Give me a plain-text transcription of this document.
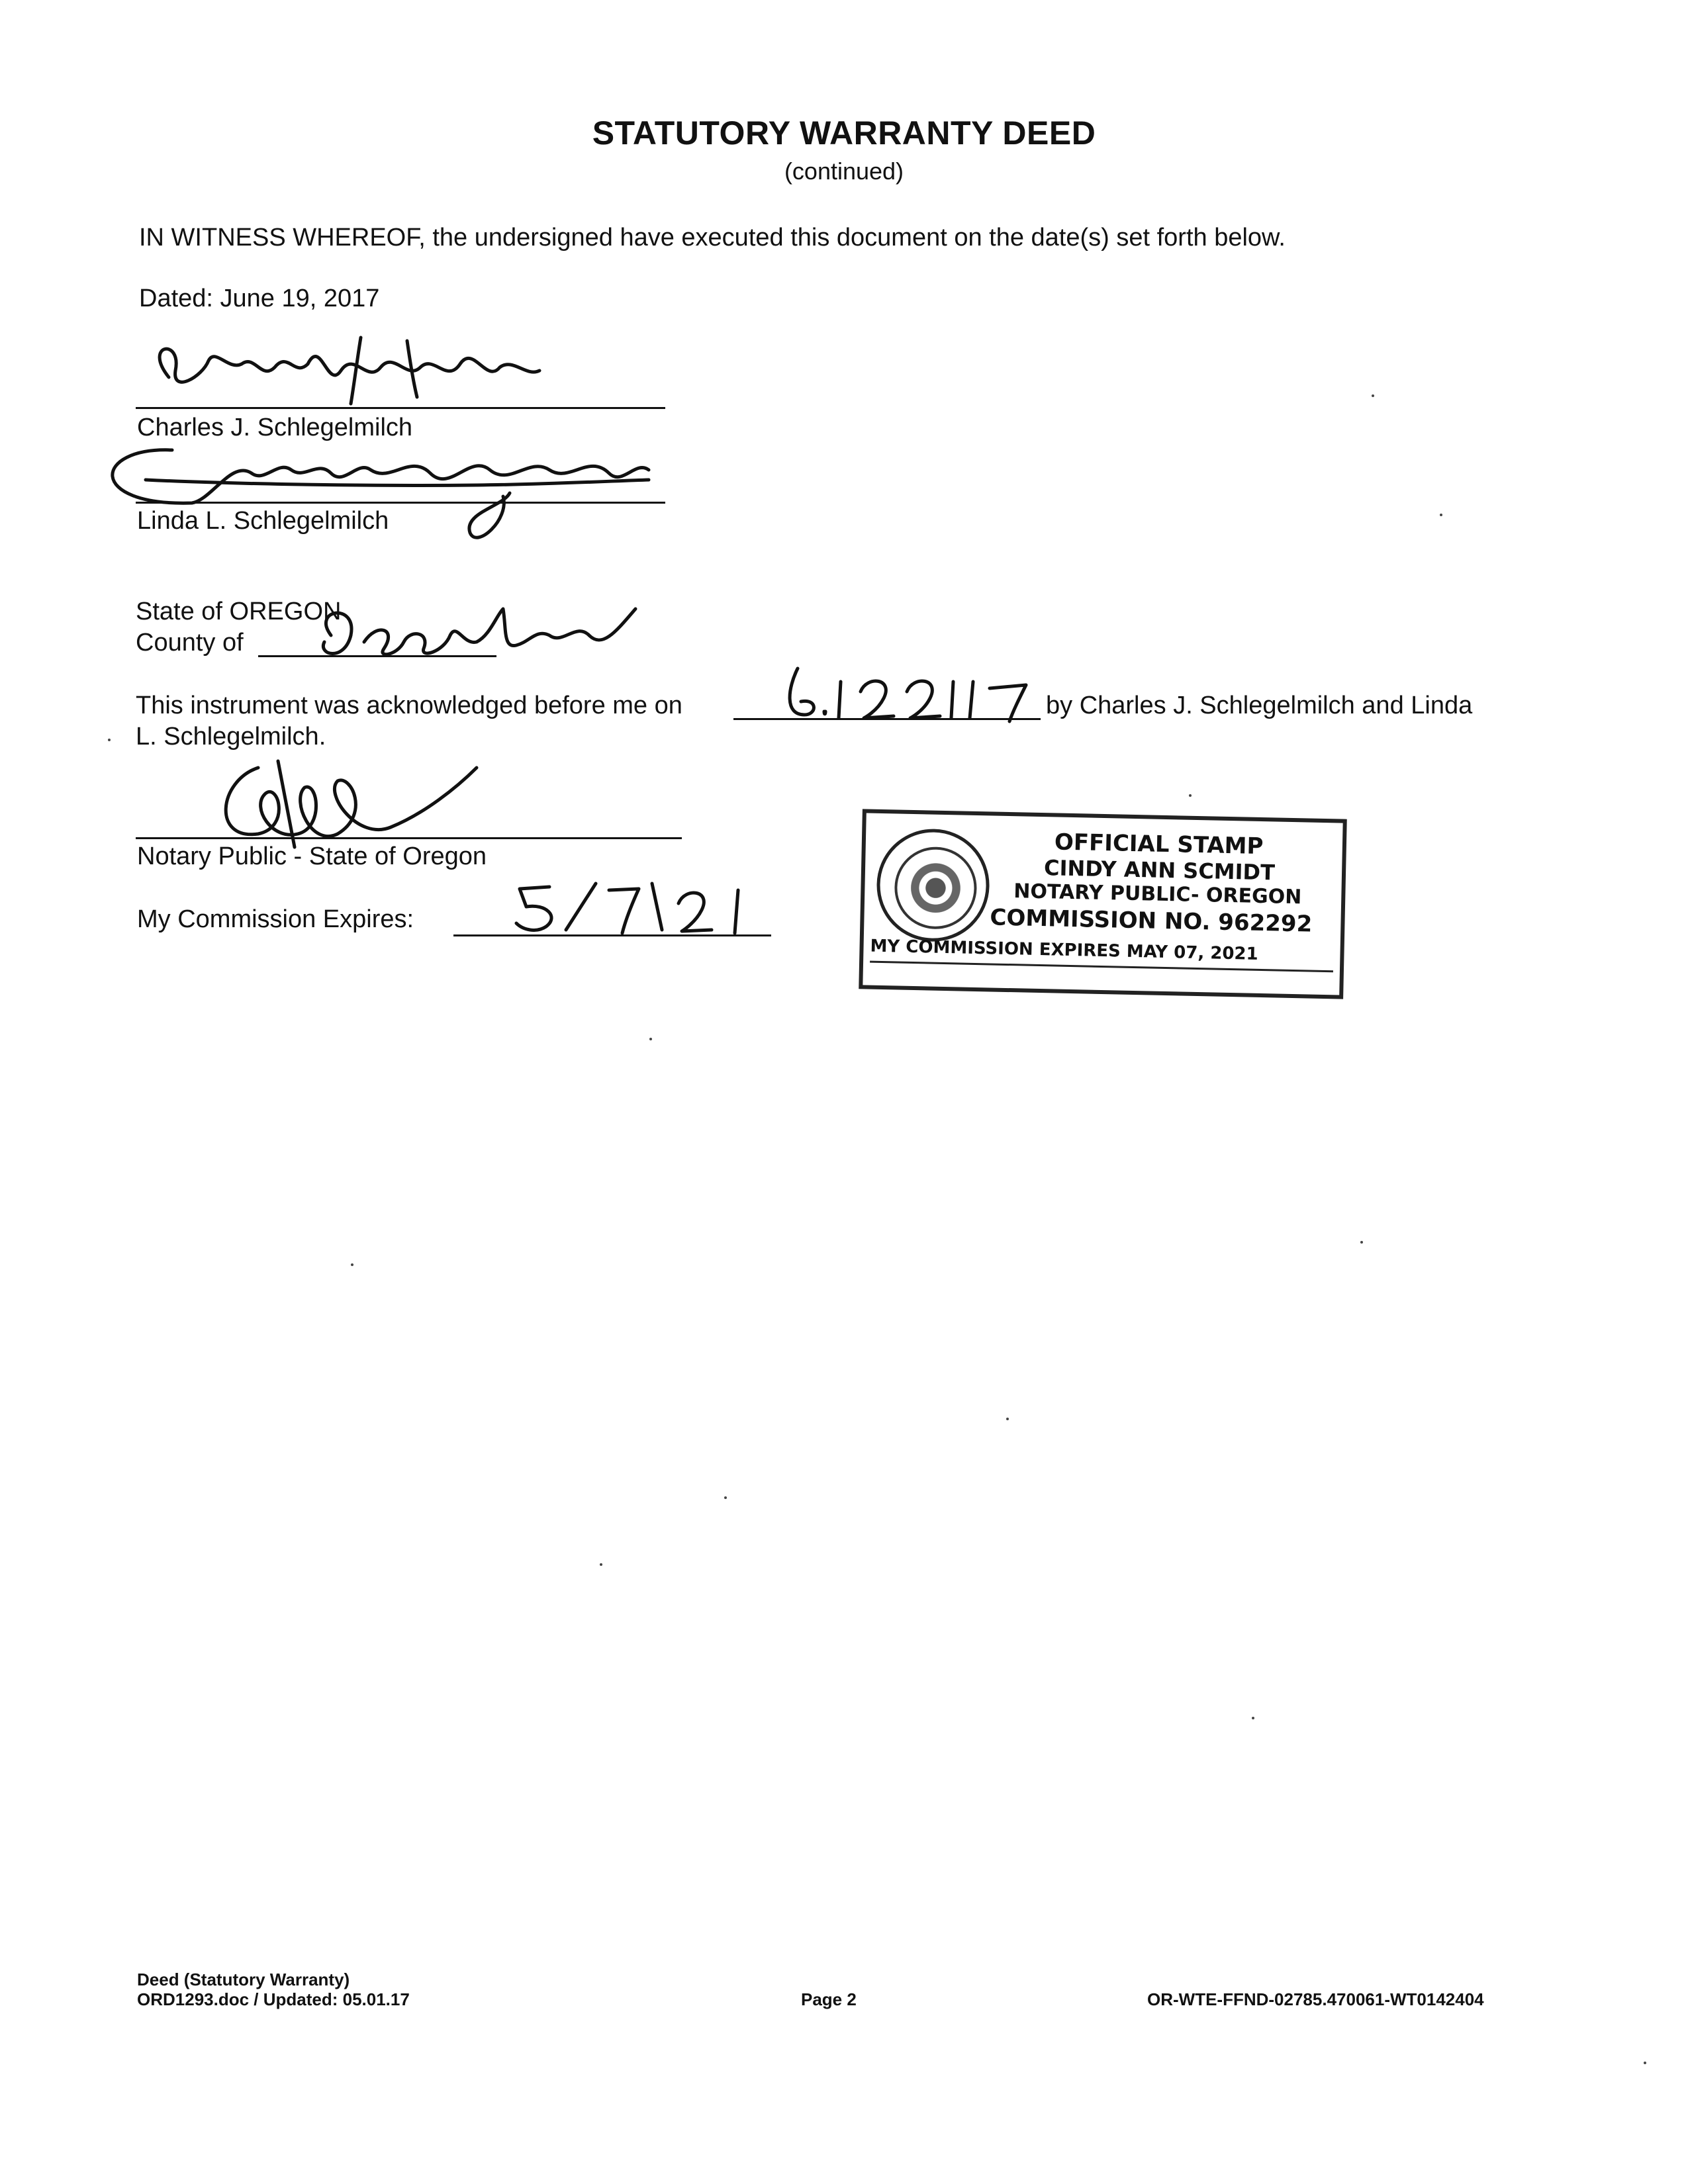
STATUTORY WARRANTY DEED
(continued)
IN WITNESS WHEREOF, the undersigned have executed this document on the date(s) set forth below.
Dated: June 19, 2017
Charles J. Schlegelmilch
Linda L. Schlegelmilch
State of OREGON
County of
This instrument was acknowledged before me on	by Charles J. Schlegelmilch and Linda
L. Schlegelmilch.
Notary Public - State of Oregon
My Commission Expires:
OFFICIAL STAMP
CINDY ANN SCMIDT
NOTARY PUBLIC- OREGON
COMMISSION NO. 962292
MY COMMISSION EXPIRES MAY 07, 2021
Deed (Statutory Warranty)
ORD1293.doc / Updated: 05.01.17	Page 2	OR-WTE-FFND-02785.470061-WT0142404
